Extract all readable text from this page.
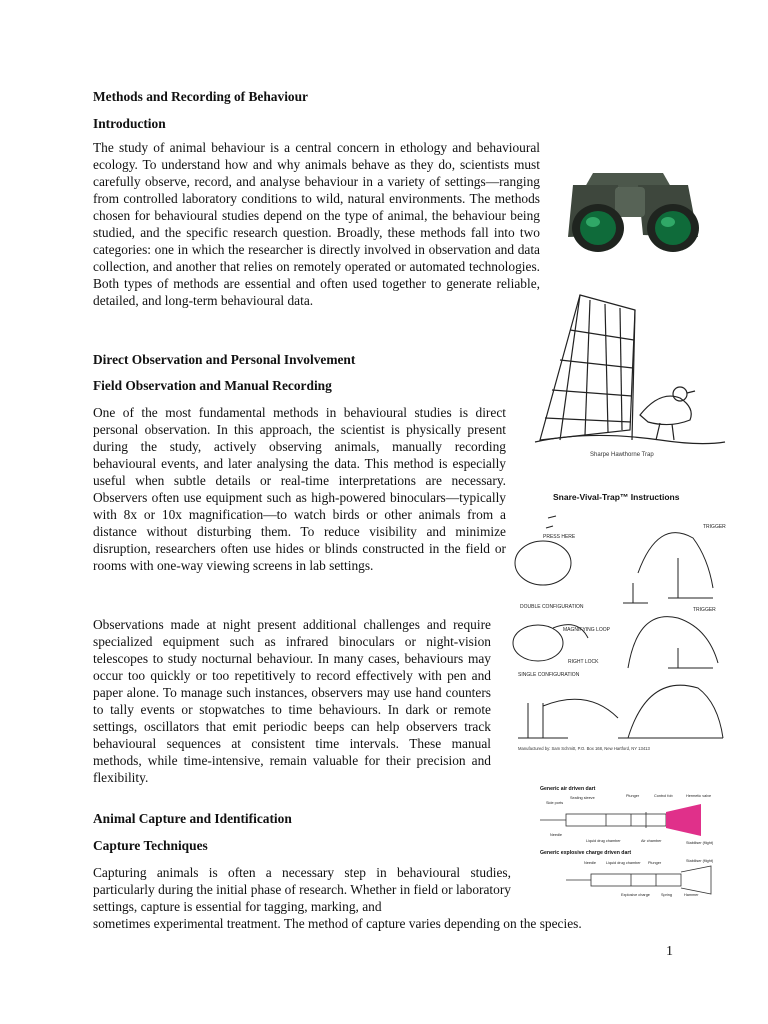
Methods and Recording of Behaviour
Introduction

The study of animal behaviour is a central concern in ethology and behavioural ecology. To understand how and why animals behave as they do, scientists must carefully observe, record, and analyse behaviour in a variety of settings—ranging from controlled laboratory conditions to wild, natural environments. The methods chosen for behavioural studies depend on the type of animal, the behaviour being studied, and the specific research question. Broadly, these methods fall into two categories: one in which the researcher is directly involved in observation and data collection, and another that relies on remotely operated or automated technologies. Both types of methods are essential and often used together to generate reliable, detailed, and long-term behavioural data.

Direct Observation and Personal Involvement
Field Observation and Manual Recording

One of the most fundamental methods in behavioural studies is direct personal observation. In this approach, the scientist is physically present during the study, actively observing animals, manually recording behavioural events, and later analysing the data. This method is especially useful when subtle details or real-time interpretations are necessary. Observers often use equipment such as high-powered binoculars—typically with 8x or 10x magnification—to watch birds or other animals from a distance without disturbing them. To reduce visibility and minimize disruption, researchers often use hides or blinds constructed in the field or rooms with one-way viewing screens in lab settings.

Observations made at night present additional challenges and require specialized equipment such as infrared binoculars or night-vision telescopes to study nocturnal behaviour. In many cases, behaviours may occur too quickly or too repetitively to record effectively with pen and paper alone. To manage such instances, observers may use hand counters to tally events or stopwatches to time behaviours. In dark or remote settings, oscillators that emit periodic beeps can help observers track behavioural sequences at consistent time intervals. These manual methods, while time-intensive, remain valuable for their precision and flexibility.

Animal Capture and Identification
Capture Techniques

Capturing animals is often a necessary step in behavioural studies, particularly during the initial phase of research. Whether in field or laboratory settings, capture is essential for tagging, marking, and

sometimes experimental treatment. The method of capture varies depending on the species.

1
Sharpe Hawthorne Trap
Snare-Vival-Trap™ Instructions
PRESS HERE
TRIGGER
DOUBLE CONFIGURATION
MAGNIFYING LOOP
TRIGGER
SINGLE CONFIGURATION
RIGHT LOCK
Manufactured by: Sam Schmitt, P.O. Box 168, New Hartford, NY 13413
Generic air driven dart
Side ports
Sealing sleeve	Plunger	Control fob	Hermetic valve
Needle
Liquid drug chamber	Air chamber	Stabiliser (flight)
Generic explosive charge driven dart
Needle	Liquid drug chamber Plunger	Stabiliser (flight)
Explosive charge	Spring	Hammer
